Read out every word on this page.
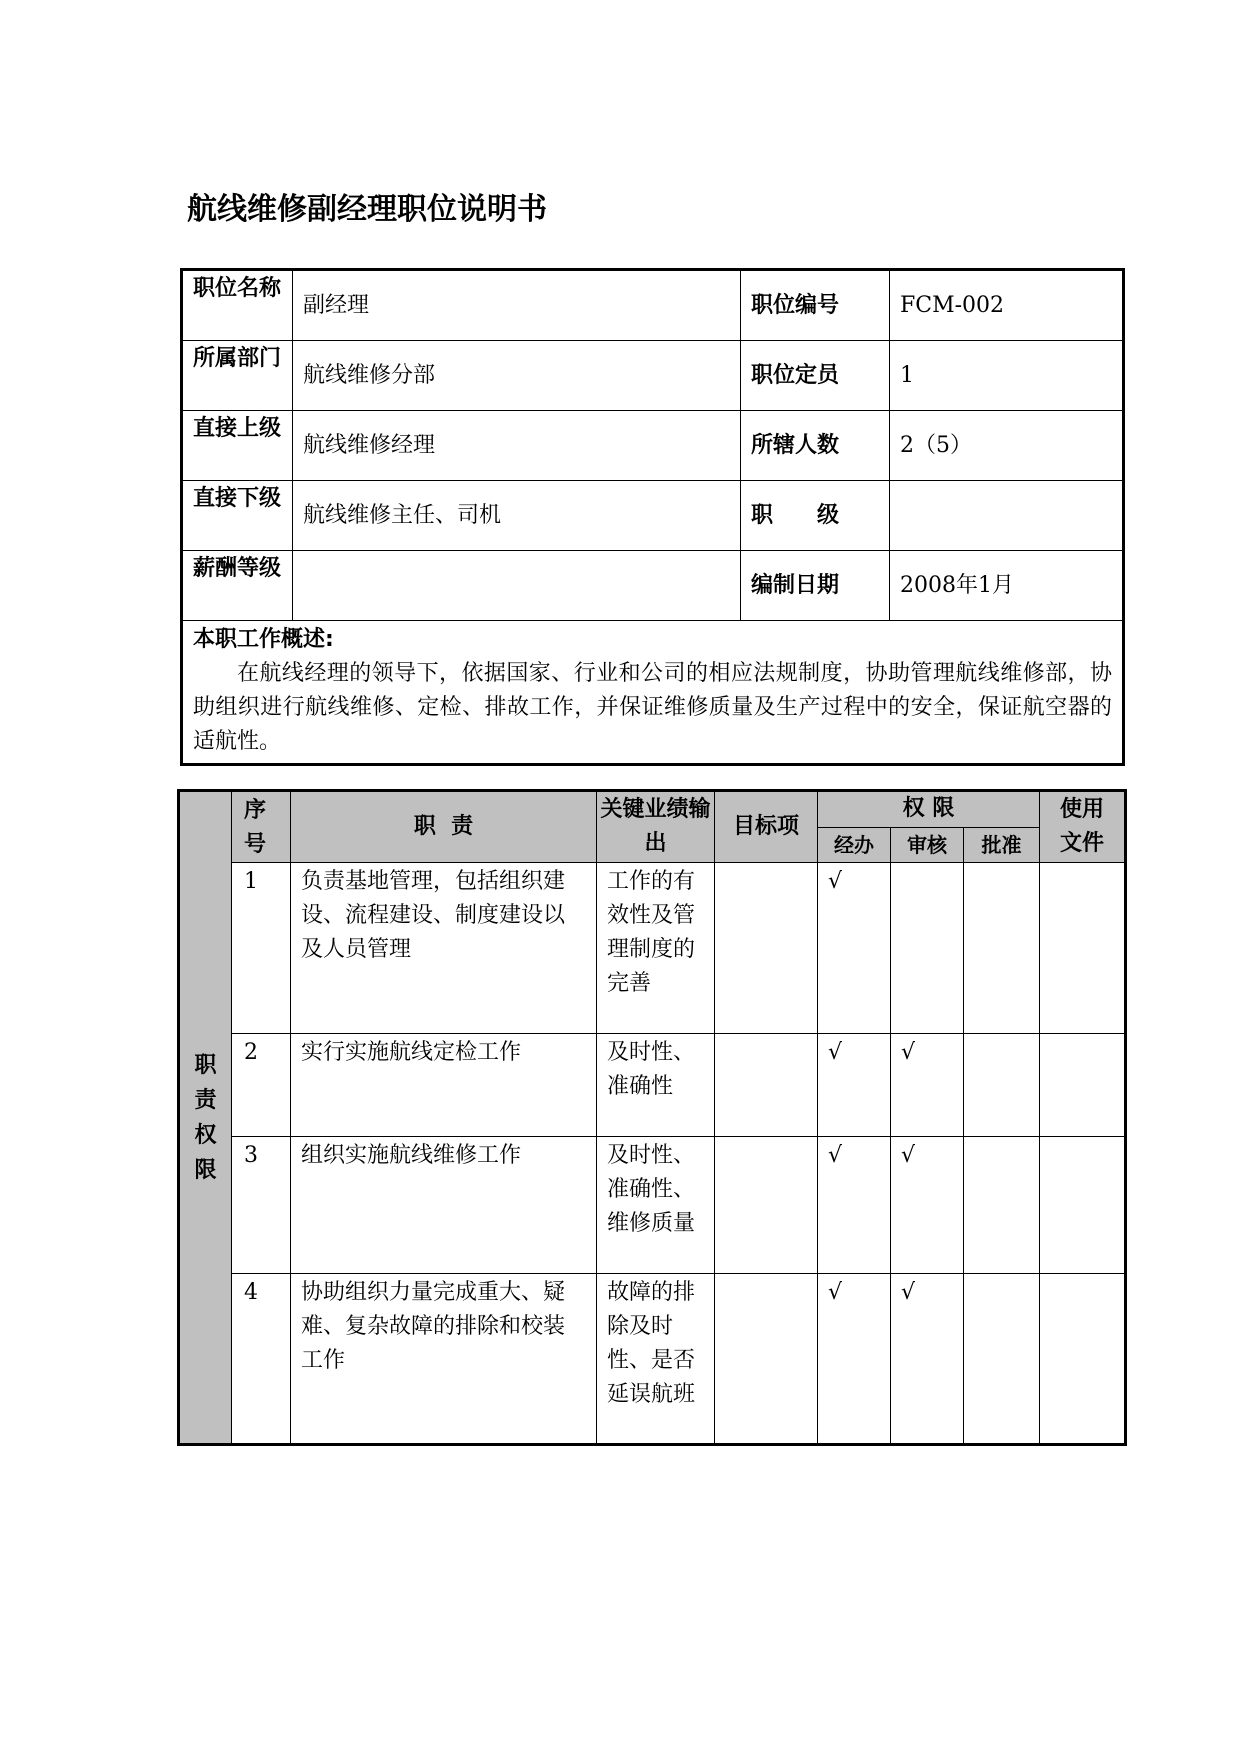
航线维修副经理职位说明书
职位名称	副经理	职位编号	FCM-002
所属部门	航线维修分部	职位定员	1
直接上级	航线维修经理	所辖人数	2（5）
直接下级	航线维修主任、司机	职　　级	
薪酬等级		编制日期	2008年1月

本职工作概述:
在航线经理的领导下，依据国家、行业和公司的相应法规制度，协助管理航线维修部，协助组织进行航线维修、定检、排故工作，并保证维修质量及生产过程中的安全，保证航空器的适航性。			
职责权限	序号	职  责	关键业绩输出	目标项	权 限			使用文件
					经办	审核	批准	
	1	负责基地管理，包括组织建设、流程建设、制度建设以及人员管理	工作的有效性及管理制度的完善		√			
	2	实行实施航线定检工作	及时性、准确性		√	√		
	3	组织实施航线维修工作	及时性、准确性、维修质量		√	√		
	4	协助组织力量完成重大、疑难、复杂故障的排除和校装工作	故障的排除及时性、是否延误航班		√	√		
